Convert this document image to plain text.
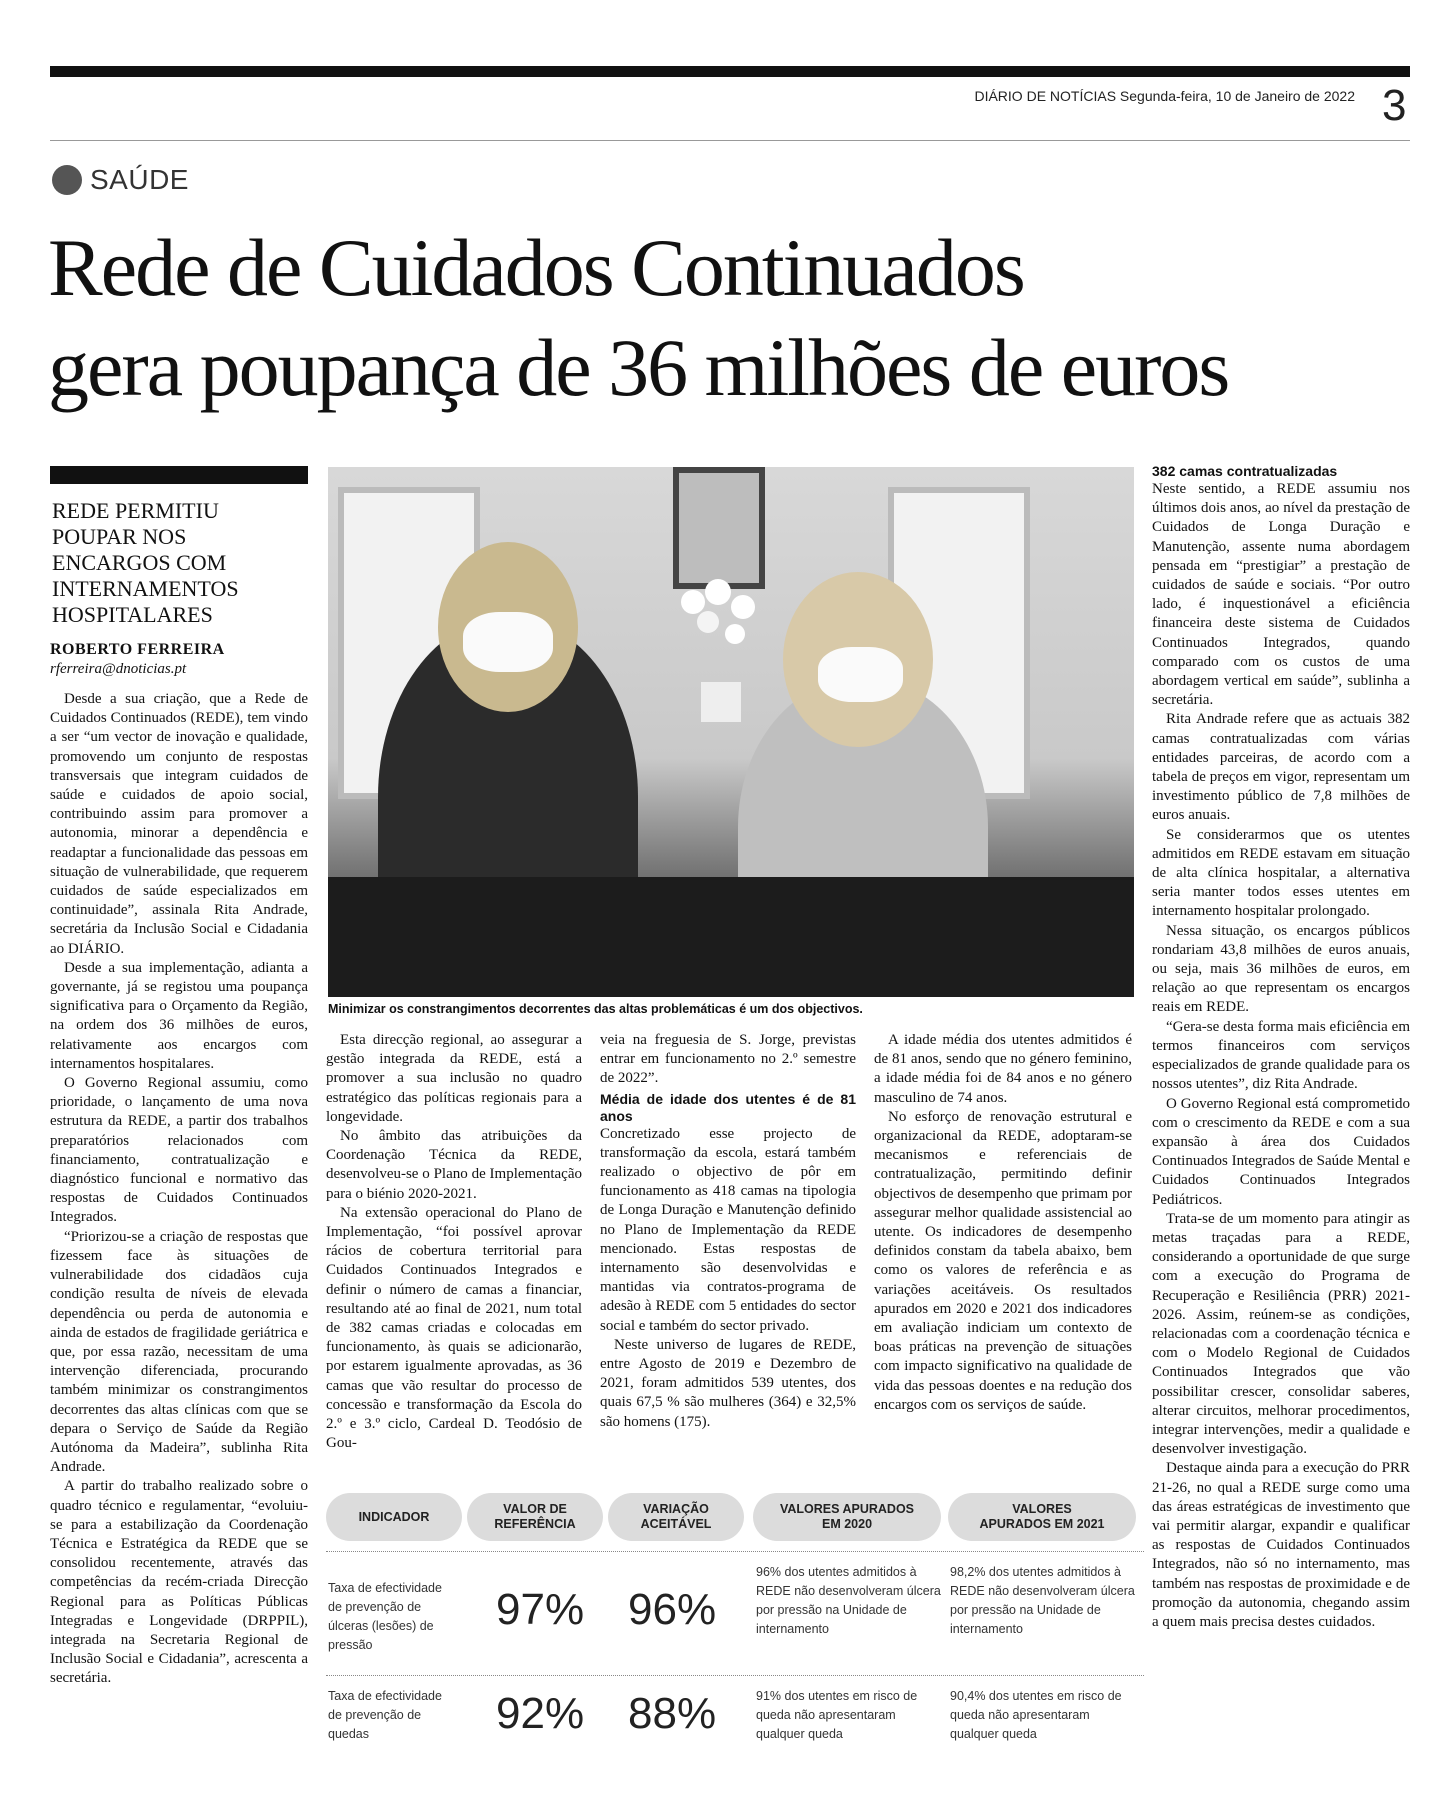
DIÁRIO DE NOTÍCIAS Segunda-feira, 10 de Janeiro de 2022 3
SAÚDE
Rede de Cuidados Continuados
gera poupança de 36 milhões de euros
REDE PERMITIU POUPAR NOS ENCARGOS COM INTERNAMENTOS HOSPITALARES
ROBERTO FERREIRA
rferreira@dnoticias.pt
Minimizar os constrangimentos decorrentes das altas problemáticas é um dos objectivos.

Desde a sua criação, que a Rede de Cuidados Continuados (REDE), tem vindo a ser “um vector de inovação e qualidade, promovendo um conjunto de respostas transversais que integram cuidados de saúde e cuidados de apoio social, contribuindo assim para promover a autonomia, minorar a dependência e readaptar a funcionalidade das pessoas em situação de vulnerabilidade, que requerem cuidados de saúde especializados em continuidade”, assinala Rita Andrade, secretária da Inclusão Social e Cidadania ao DIÁRIO.

Desde a sua implementação, adianta a governante, já se registou uma poupança significativa para o Orçamento da Região, na ordem dos 36 milhões de euros, relativamente aos encargos com internamentos hospitalares.

O Governo Regional assumiu, como prioridade, o lançamento de uma nova estrutura da REDE, a partir dos trabalhos preparatórios relacionados com financiamento, contratualização e diagnóstico funcional e normativo das respostas de Cuidados Continuados Integrados.

“Priorizou-se a criação de respostas que fizessem face às situações de vulnerabilidade dos cidadãos cuja condição resulta de níveis de elevada dependência ou perda de autonomia e ainda de estados de fragilidade geriátrica e que, por essa razão, necessitam de uma intervenção diferenciada, procurando também minimizar os constrangimentos decorrentes das altas clínicas com que se depara o Serviço de Saúde da Região Autónoma da Madeira”, sublinha Rita Andrade.

A partir do trabalho realizado sobre o quadro técnico e regulamentar, “evoluiu-se para a estabilização da Coordenação Técnica e Estratégica da REDE que se consolidou recentemente, através das competências da recém-criada Direcção Regional para as Políticas Públicas Integradas e Longevidade (DRPPIL), integrada na Secretaria Regional de Inclusão Social e Cidadania”, acrescenta a secretária.

Esta direcção regional, ao assegurar a gestão integrada da REDE, está a promover a sua inclusão no quadro estratégico das políticas regionais para a longevidade.

No âmbito das atribuições da Coordenação Técnica da REDE, desenvolveu-se o Plano de Implementação para o biénio 2020-2021.

Na extensão operacional do Plano de Implementação, “foi possível aprovar rácios de cobertura territorial para Cuidados Continuados Integrados e definir o número de camas a financiar, resultando até ao final de 2021, num total de 382 camas criadas e colocadas em funcionamento, às quais se adicionarão, por estarem igualmente aprovadas, as 36 camas que vão resultar do processo de concessão e transformação da Escola do 2.º e 3.º ciclo, Cardeal D. Teodósio de Gou-

veia na freguesia de S. Jorge, previstas entrar em funcionamento no 2.º semestre de 2022”.

Média de idade dos utentes é de 81 anos

Concretizado esse projecto de transformação da escola, estará também realizado o objectivo de pôr em funcionamento as 418 camas na tipologia de Longa Duração e Manutenção definido no Plano de Implementação da REDE mencionado. Estas respostas de internamento são desenvolvidas e mantidas via contratos-programa de adesão à REDE com 5 entidades do sector social e também do sector privado.

Neste universo de lugares de REDE, entre Agosto de 2019 e Dezembro de 2021, foram admitidos 539 utentes, dos quais 67,5 % são mulheres (364) e 32,5% são homens (175).

A idade média dos utentes admitidos é de 81 anos, sendo que no género feminino, a idade média foi de 84 anos e no género masculino de 74 anos.

No esforço de renovação estrutural e organizacional da REDE, adoptaram-se mecanismos e referenciais de contratualização, permitindo definir objectivos de desempenho que primam por assegurar melhor qualidade assistencial ao utente. Os indicadores de desempenho definidos constam da tabela abaixo, bem como os valores de referência e as variações aceitáveis. Os resultados apurados em 2020 e 2021 dos indicadores em avaliação indiciam um contexto de boas práticas na prevenção de situações com impacto significativo na qualidade de vida das pessoas doentes e na redução dos encargos com os serviços de saúde.

382 camas contratualizadas

Neste sentido, a REDE assumiu nos últimos dois anos, ao nível da prestação de Cuidados de Longa Duração e Manutenção, assente numa abordagem pensada em “prestigiar” a prestação de cuidados de saúde e sociais. “Por outro lado, é inquestionável a eficiência financeira deste sistema de Cuidados Continuados Integrados, quando comparado com os custos de uma abordagem vertical em saúde”, sublinha a secretária.

Rita Andrade refere que as actuais 382 camas contratualizadas com várias entidades parceiras, de acordo com a tabela de preços em vigor, representam um investimento público de 7,8 milhões de euros anuais.

Se considerarmos que os utentes admitidos em REDE estavam em situação de alta clínica hospitalar, a alternativa seria manter todos esses utentes em internamento hospitalar prolongado.

Nessa situação, os encargos públicos rondariam 43,8 milhões de euros anuais, ou seja, mais 36 milhões de euros, em relação ao que representam os encargos reais em REDE.

“Gera-se desta forma mais eficiência em termos financeiros com serviços especializados de grande qualidade para os nossos utentes”, diz Rita Andrade.

O Governo Regional está comprometido com o crescimento da REDE e com a sua expansão à área dos Cuidados Continuados Integrados de Saúde Mental e Cuidados Continuados Integrados Pediátricos.

Trata-se de um momento para atingir as metas traçadas para a REDE, considerando a oportunidade de que surge com a execução do Programa de Recuperação e Resiliência (PRR) 2021-2026. Assim, reúnem-se as condições, relacionadas com a coordenação técnica e com o Modelo Regional de Cuidados Continuados Integrados que vão possibilitar crescer, consolidar saberes, alterar circuitos, melhorar procedimentos, integrar intervenções, medir a qualidade e desenvolver investigação.

Destaque ainda para a execução do PRR 21-26, no qual a REDE surge como uma das áreas estratégicas de investimento que vai permitir alargar, expandir e qualificar as respostas de Cuidados Continuados Integrados, não só no internamento, mas também nas respostas de proximidade e de promoção da autonomia, chegando assim a quem mais precisa destes cuidados.

INDICADOR
VALOR DE REFERÊNCIA
VARIAÇÃO ACEITÁVEL
VALORES APURADOS EM 2020
VALORES APURADOS EM 2021
Taxa de efectividade de prevenção de úlceras (lesões) de pressão
97% 96%
96% dos utentes admitidos à REDE não desenvolveram úlcera por pressão na Unidade de internamento
98,2% dos utentes admitidos à REDE não desenvolveram úlcera por pressão na Unidade de internamento
Taxa de efectividade de prevenção de quedas	92% 88%	91% dos utentes em risco de queda não apresentaram qualquer queda
90,4% dos utentes em risco de queda não apresentaram qualquer queda
